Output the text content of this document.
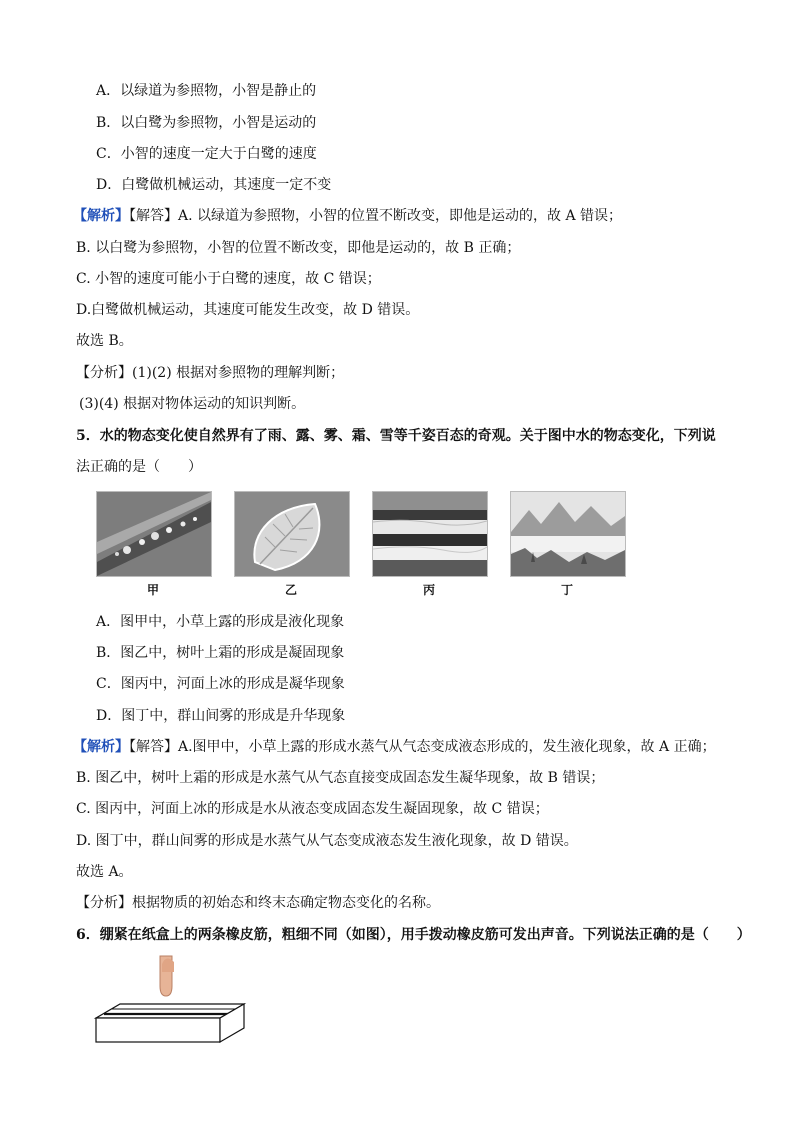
A．以绿道为参照物，小智是静止的
B．以白鹭为参照物，小智是运动的
C．小智的速度一定大于白鹭的速度
D．白鹭做机械运动，其速度一定不变
【解析】【解答】A. 以绿道为参照物，小智的位置不断改变，即他是运动的，故 A 错误；
B. 以白鹭为参照物，小智的位置不断改变，即他是运动的，故 B 正确；
C. 小智的速度可能小于白鹭的速度，故 C 错误；
D.白鹭做机械运动，其速度可能发生改变，故 D 错误。
故选 B。
【分析】(1)(2) 根据对参照物的理解判断；
(3)(4) 根据对物体运动的知识判断。
5．水的物态变化使自然界有了雨、露、雾、霜、雪等千姿百态的奇观。关于图中水的物态变化，下列说
法正确的是（　　）
甲	乙	丙	丁
A．图甲中，小草上露的形成是液化现象
B．图乙中，树叶上霜的形成是凝固现象
C．图丙中，河面上冰的形成是凝华现象
D．图丁中，群山间雾的形成是升华现象
【解析】【解答】A.图甲中，小草上露的形成水蒸气从气态变成液态形成的，发生液化现象，故 A 正确；
B. 图乙中，树叶上霜的形成是水蒸气从气态直接变成固态发生凝华现象，故 B 错误；
C. 图丙中，河面上冰的形成是水从液态变成固态发生凝固现象，故 C 错误；
D. 图丁中，群山间雾的形成是水蒸气从气态变成液态发生液化现象，故 D 错误。
故选 A。
【分析】根据物质的初始态和终末态确定物态变化的名称。
6．绷紧在纸盒上的两条橡皮筋，粗细不同（如图），用手拨动橡皮筋可发出声音。下列说法正确的是（　　）
